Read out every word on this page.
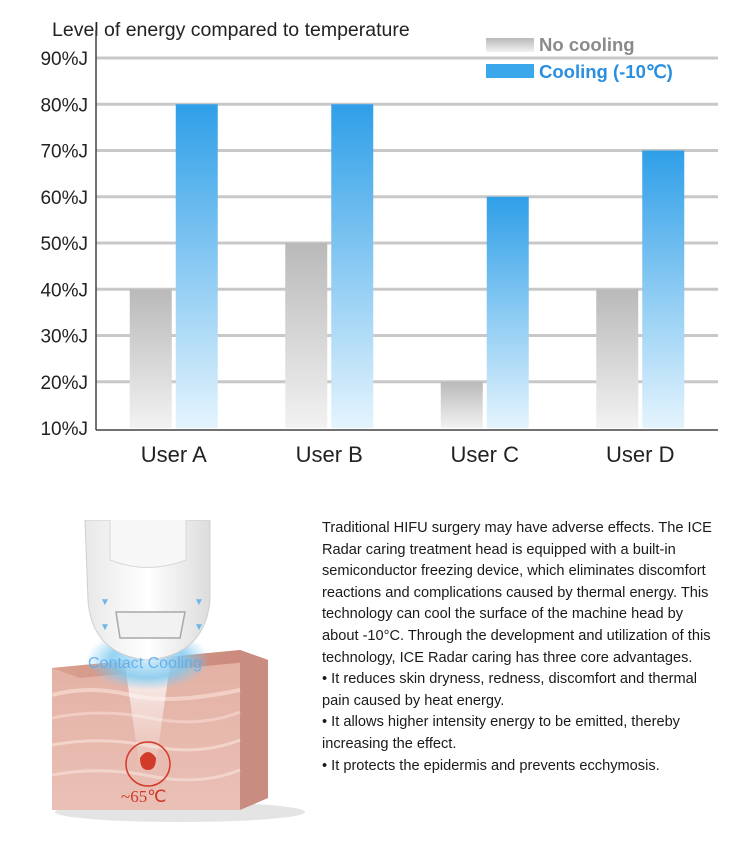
Level of energy compared to temperature
10%J
20%J
30%J
40%J
50%J
60%J
70%J
80%J
90%J
User A	User B	User C	User D
No cooling
Cooling (-10℃)
▼
▼
▼
▼
Contact Cooling
~65℃

Traditional HIFU surgery may have adverse effects. The ICE Radar caring treatment head is equipped with a built-in semiconductor freezing device, which eliminates discomfort reactions and complications caused by thermal energy. This technology can cool the surface of the machine head by about -10°C. Through the development and utilization of this technology, ICE Radar caring has three core advantages.

• It reduces skin dryness, redness, discomfort and thermal pain caused by heat energy.

• It allows higher intensity energy to be emitted, thereby increasing the effect.

• It protects the epidermis and prevents ecchymosis.
